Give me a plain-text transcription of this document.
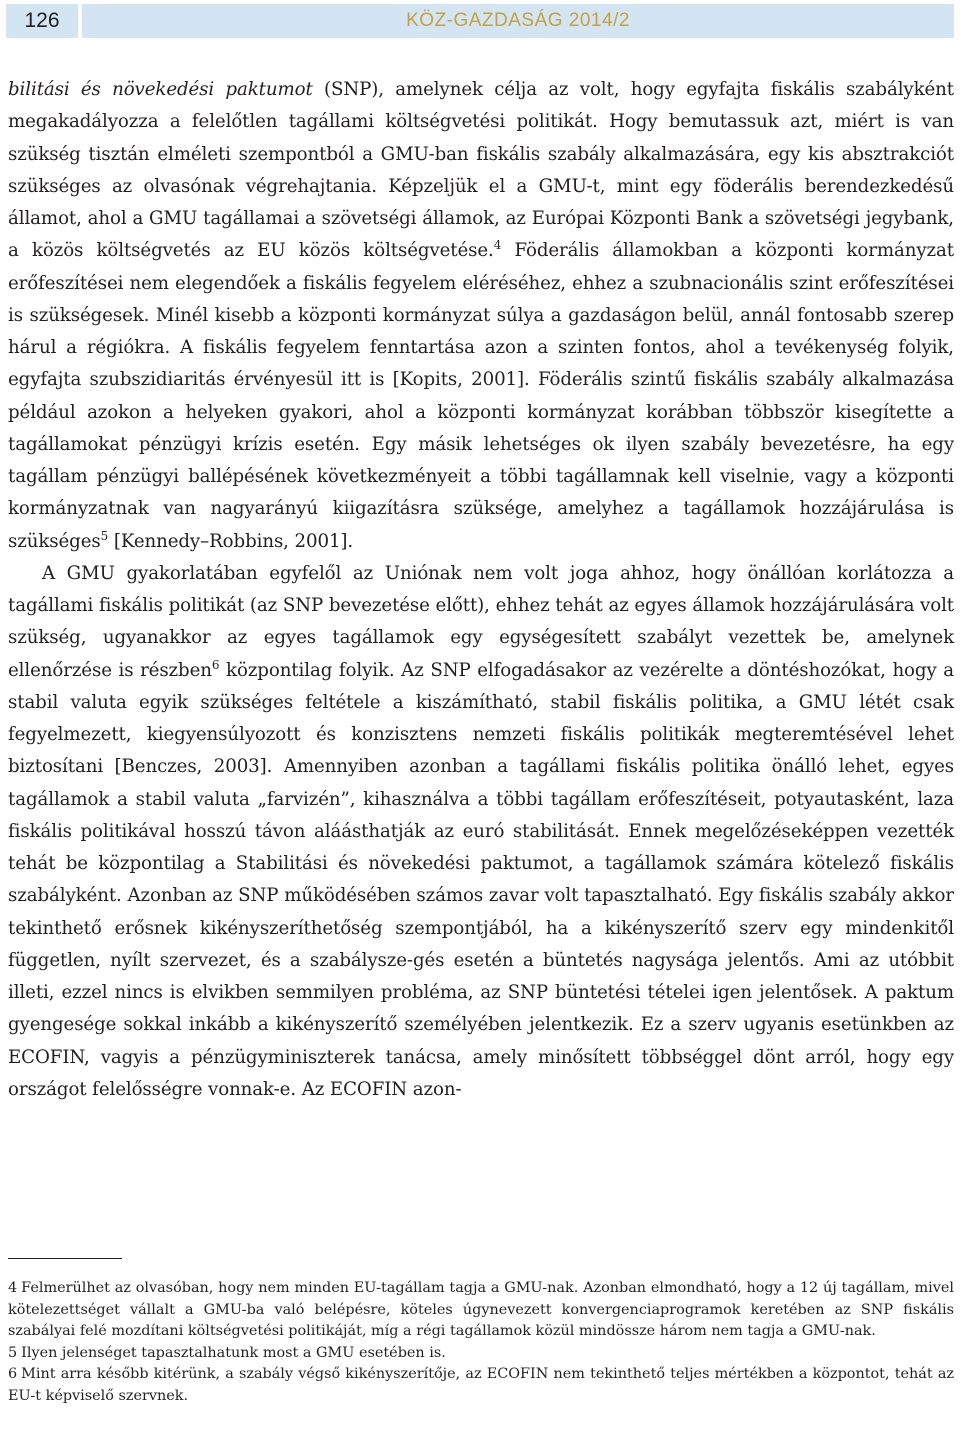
126	KÖZ-GAZDASÁG 2014/2

bilitási és növekedési paktumot (SNP), amelynek célja az volt, hogy egyfajta fiskális szabályként megakadályozza a felelőtlen tagállami költségvetési politikát. Hogy bemutassuk azt, miért is van szükség tisztán elméleti szempontból a GMU-ban fiskális szabály alkalmazására, egy kis absztrakciót szükséges az olvasónak végrehajtania. Képzeljük el a GMU-t, mint egy föderális berendezkedésű államot, ahol a GMU tagállamai a szövetségi államok, az Európai Központi Bank a szövetségi jegybank, a közös költségvetés az EU közös költségvetése.$^4$ Föderális államokban a központi kormányzat erőfeszítései nem elegendőek a fiskális fegyelem eléréséhez, ehhez a szubnacionális szint erőfeszítései is szükségesek. Minél kisebb a központi kormányzat súlya a gazdaságon belül, annál fontosabb szerep hárul a régiókra. A fiskális fegyelem fenntartása azon a szinten fontos, ahol a tevékenység folyik, egyfajta szubszidiaritás érvényesül itt is [Kopits, 2001]. Föderális szintű fiskális szabály alkalmazása például azokon a helyeken gyakori, ahol a központi kormányzat korábban többször kisegítette a tagállamokat pénzügyi krízis esetén. Egy másik lehetséges ok ilyen szabály bevezetésre, ha egy tagállam pénzügyi ballépésének következményeit a többi tagállamnak kell viselnie, vagy a központi kormányzatnak van nagyarányú kiigazításra szüksége, amelyhez a tagállamok hozzájárulása is szükséges$^5$ [Kennedy–Robbins, 2001].

A GMU gyakorlatában egyfelől az Uniónak nem volt joga ahhoz, hogy önállóan korlátozza a tagállami fiskális politikát (az SNP bevezetése előtt), ehhez tehát az egyes államok hozzájárulására volt szükség, ugyanakkor az egyes tagállamok egy egységesített szabályt vezettek be, amelynek ellenőrzése is részben$^6$ központilag folyik. Az SNP elfogadásakor az vezérelte a döntéshozókat, hogy a stabil valuta egyik szükséges feltétele a kiszámítható, stabil fiskális politika, a GMU létét csak fegyelmezett, kiegyensúlyozott és konzisztens nemzeti fiskális politikák megteremtésével lehet biztosítani [Benczes, 2003]. Amennyiben azonban a tagállami fiskális politika önálló lehet, egyes tagállamok a stabil valuta „farvizén”, kihasználva a többi tagállam erőfeszítéseit, potyautasként, laza fiskális politikával hosszú távon aláásthatják az euró stabilitását. Ennek megelőzéseképpen vezették tehát be központilag a Stabilitási és növekedési paktumot, a tagállamok számára kötelező fiskális szabályként. Azonban az SNP működésében számos zavar volt tapasztalható. Egy fiskális szabály akkor tekinthető erősnek kikényszeríthetőség szempontjából, ha a kikényszerítő szerv egy mindenkitől független, nyílt szervezet, és a szabálysze-gés esetén a büntetés nagysága jelentős. Ami az utóbbit illeti, ezzel nincs is elvikben semmilyen probléma, az SNP büntetési tételei igen jelentősek. A paktum gyengesége sokkal inkább a kikényszerítő személyében jelentkezik. Ez a szerv ugyanis esetünkben az ECOFIN, vagyis a pénzügyminiszterek tanácsa, amely minősített többséggel dönt arról, hogy egy országot felelősségre vonnak-e. Az ECOFIN azon-

4 Felmerülhet az olvasóban, hogy nem minden EU-tagállam tagja a GMU-nak. Azonban elmondható, hogy a 12 új tagállam, mivel kötelezettséget vállalt a GMU-ba való belépésre, köteles úgynevezett konvergenciaprogramok keretében az SNP fiskális szabályai felé mozdítani költségvetési politikáját, míg a régi tagállamok közül mindössze három nem tagja a GMU-nak.

5 Ilyen jelenséget tapasztalhatunk most a GMU esetében is.

6 Mint arra később kitérünk, a szabály végső kikényszerítője, az ECOFIN nem tekinthető teljes mértékben a központot, tehát az EU-t képviselő szervnek.
